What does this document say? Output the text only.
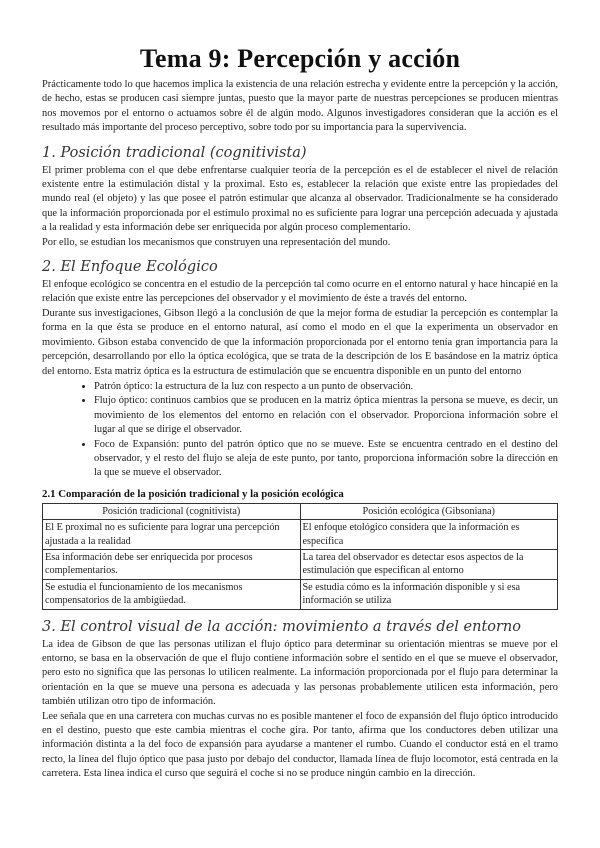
Tema 9: Percepción y acción

Prácticamente todo lo que hacemos implica la existencia de una relación estrecha y evidente entre la percepción y la acción, de hecho, estas se producen casi siempre juntas, puesto que la mayor parte de nuestras percepciones se producen mientras nos movemos por el entorno o actuamos sobre él de algún modo. Algunos investigadores consideran que la acción es el resultado más importante del proceso perceptivo, sobre todo por su importancia para la supervivencia.

1. Posición tradicional (cognitivista)

El primer problema con el que debe enfrentarse cualquier teoría de la percepción es el de establecer el nivel de relación existente entre la estimulación distal y la proximal. Esto es, establecer la relación que existe entre las propiedades del mundo real (el objeto) y las que posee el patrón estimular que alcanza al observador. Tradicionalmente se ha considerado que la información proporcionada por el estímulo proximal no es suficiente para lograr una percepción adecuada y ajustada a la realidad y esta información debe ser enriquecida por algún proceso complementario.

Por ello, se estudian los mecanismos que construyen una representación del mundo.

2. El Enfoque Ecológico

El enfoque ecológico se concentra en el estudio de la percepción tal como ocurre en el entorno natural y hace hincapié en la relación que existe entre las percepciones del observador y el movimiento de éste a través del entorno.

Durante sus investigaciones, Gibson llegó a la conclusión de que la mejor forma de estudiar la percepción es contemplar la forma en la que ésta se produce en el entorno natural, así como el modo en el que la experimenta un observador en movimiento. Gibson estaba convencido de que la información proporcionada por el entorno tenía gran importancia para la percepción, desarrollando por ello la óptica ecológica, que se trata de la descripción de los E basándose en la matriz óptica del entorno. Esta matriz óptica es la estructura de estimulación que se encuentra disponible en un punto del entorno

• Patrón óptico: la estructura de la luz con respecto a un punto de observación.
• Flujo óptico: continuos cambios que se producen en la matriz óptica mientras la persona se mueve, es decir, un movimiento de los elementos del entorno en relación con el observador. Proporciona información sobre el lugar al que se dirige el observador.
• Foco de Expansión: punto del patrón óptico que no se mueve. Este se encuentra centrado en el destino del observador, y el resto del flujo se aleja de este punto, por tanto, proporciona información sobre la dirección en la que se mueve el observador.
2.1 Comparación de la posición tradicional y la posición ecológica
Posición tradicional (cognitivista)	Posición ecológica (Gibsoniana)
El E proximal no es suficiente para lograr una percepción ajustada a la realidad	El enfoque etológico considera que la información es específica
Esa información debe ser enriquecida por procesos complementarios.	La tarea del observador es detectar esos aspectos de la estimulación que especifican al entorno
Se estudia el funcionamiento de los mecanismos compensatorios de la ambigüedad.	Se estudia cómo es la información disponible y si esa información se utiliza
3. El control visual de la acción: movimiento a través del entorno

La idea de Gibson de que las personas utilizan el flujo óptico para determinar su orientación mientras se mueve por el entorno, se basa en la observación de que el flujo contiene información sobre el sentido en el que se mueve el observador, pero esto no significa que las personas lo utilicen realmente. La información proporcionada por el flujo para determinar la orientación en la que se mueve una persona es adecuada y las personas probablemente utilicen esta información, pero también utilizan otro tipo de información.

Lee señala que en una carretera con muchas curvas no es posible mantener el foco de expansión del flujo óptico introducido en el destino, puesto que este cambia mientras el coche gira. Por tanto, afirma que los conductores deben utilizar una información distinta a la del foco de expansión para ayudarse a mantener el rumbo. Cuando el conductor está en el tramo recto, la línea del flujo óptico que pasa justo por debajo del conductor, llamada línea de flujo locomotor, está centrada en la carretera. Esta línea indica el curso que seguirá el coche si no se produce ningún cambio en la dirección.
